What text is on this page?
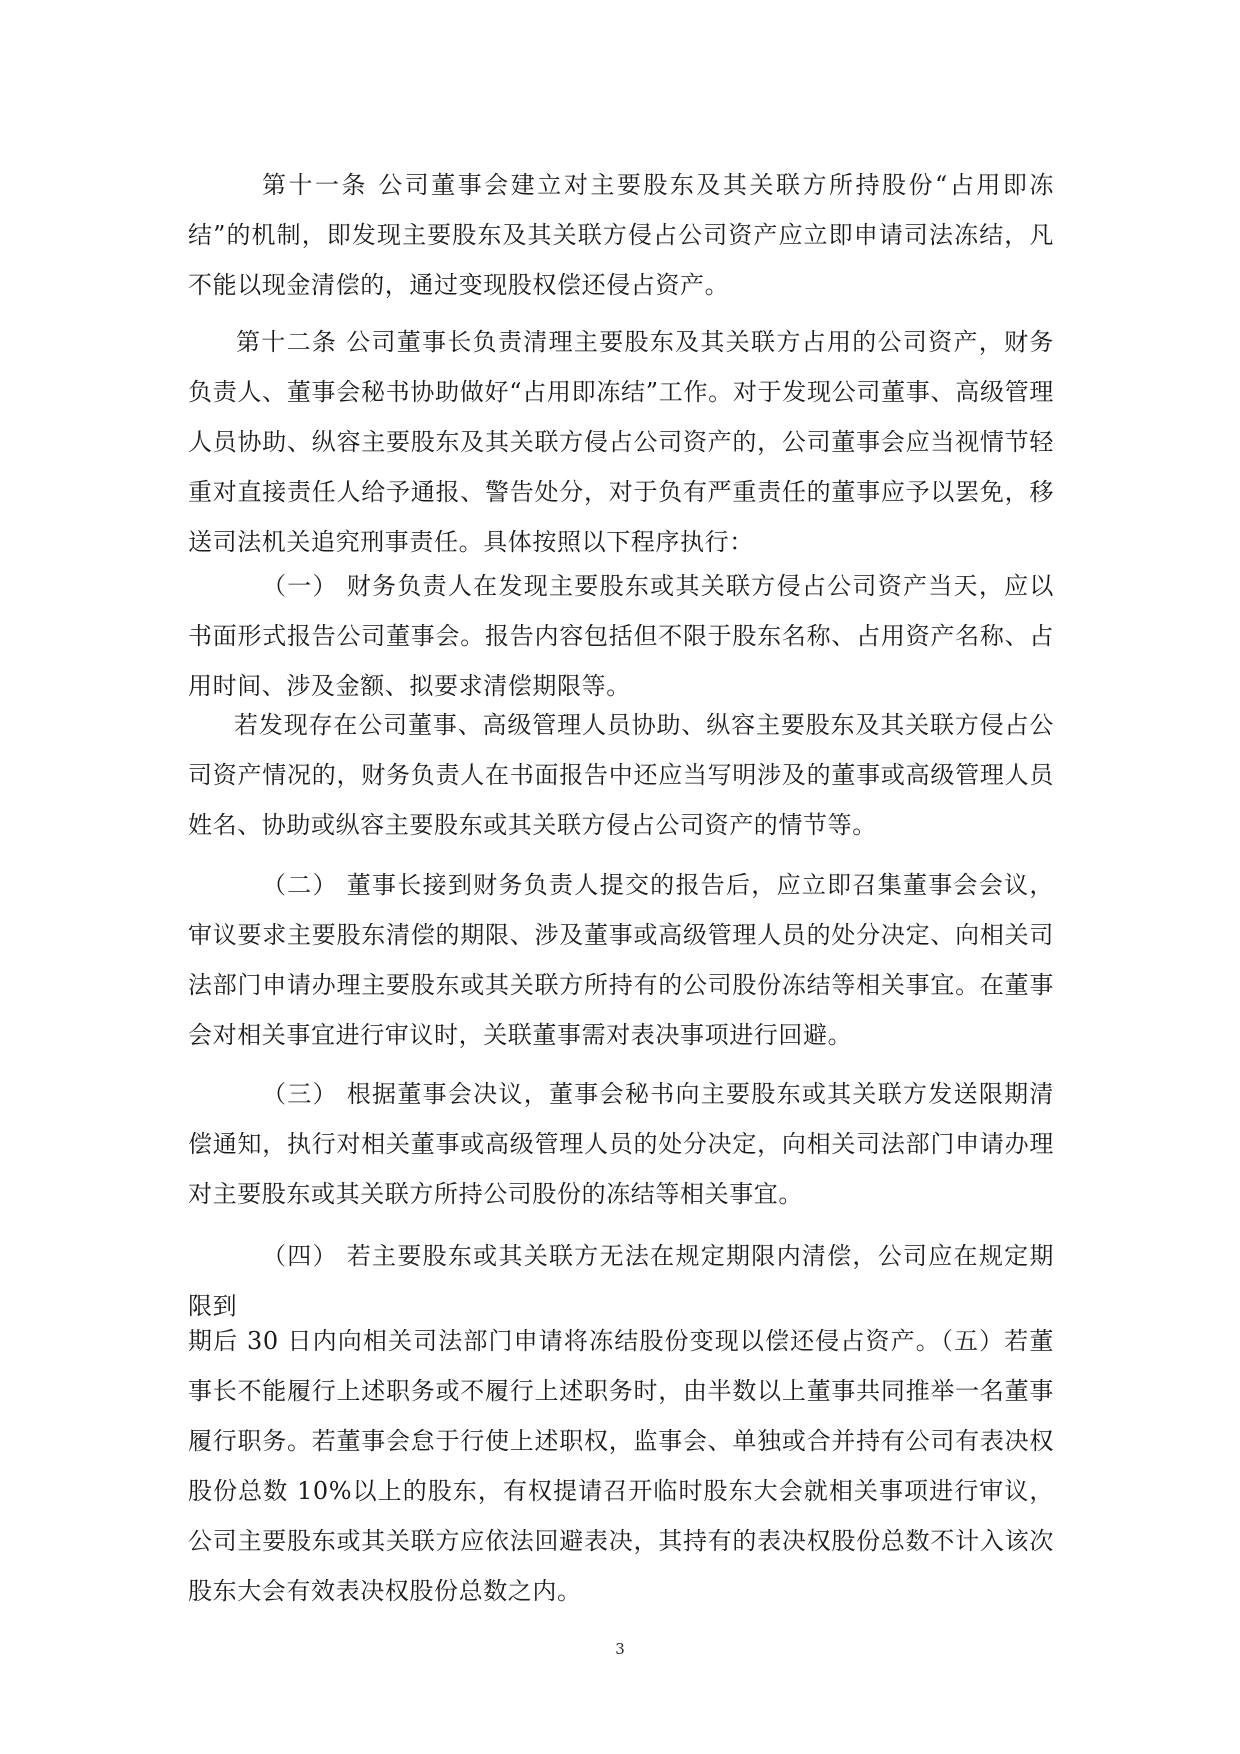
第十一条 公司董事会建立对主要股东及其关联方所持股份“占用即冻结”的机制，即发现主要股东及其关联方侵占公司资产应立即申请司法冻结，凡不能以现金清偿的，通过变现股权偿还侵占资产。

第十二条 公司董事长负责清理主要股东及其关联方占用的公司资产，财务负责人、董事会秘书协助做好“占用即冻结”工作。对于发现公司董事、高级管理人员协助、纵容主要股东及其关联方侵占公司资产的，公司董事会应当视情节轻重对直接责任人给予通报、警告处分，对于负有严重责任的董事应予以罢免，移送司法机关追究刑事责任。具体按照以下程序执行：

（一） 财务负责人在发现主要股东或其关联方侵占公司资产当天，应以书面形式报告公司董事会。报告内容包括但不限于股东名称、占用资产名称、占用时间、涉及金额、拟要求清偿期限等。

若发现存在公司董事、高级管理人员协助、纵容主要股东及其关联方侵占公司资产情况的，财务负责人在书面报告中还应当写明涉及的董事或高级管理人员姓名、协助或纵容主要股东或其关联方侵占公司资产的情节等。

（二） 董事长接到财务负责人提交的报告后，应立即召集董事会会议，审议要求主要股东清偿的期限、涉及董事或高级管理人员的处分决定、向相关司法部门申请办理主要股东或其关联方所持有的公司股份冻结等相关事宜。在董事会对相关事宜进行审议时，关联董事需对表决事项进行回避。

（三） 根据董事会决议，董事会秘书向主要股东或其关联方发送限期清偿通知，执行对相关董事或高级管理人员的处分决定，向相关司法部门申请办理对主要股东或其关联方所持公司股份的冻结等相关事宜。

（四） 若主要股东或其关联方无法在规定期限内清偿，公司应在规定期限到

期后 30 日内向相关司法部门申请将冻结股份变现以偿还侵占资产。（五）若董事长不能履行上述职务或不履行上述职务时，由半数以上董事共同推举一名董事履行职务。若董事会怠于行使上述职权，监事会、单独或合并持有公司有表决权股份总数 10%以上的股东，有权提请召开临时股东大会就相关事项进行审议，公司主要股东或其关联方应依法回避表决，其持有的表决权股份总数不计入该次股东大会有效表决权股份总数之内。

3
